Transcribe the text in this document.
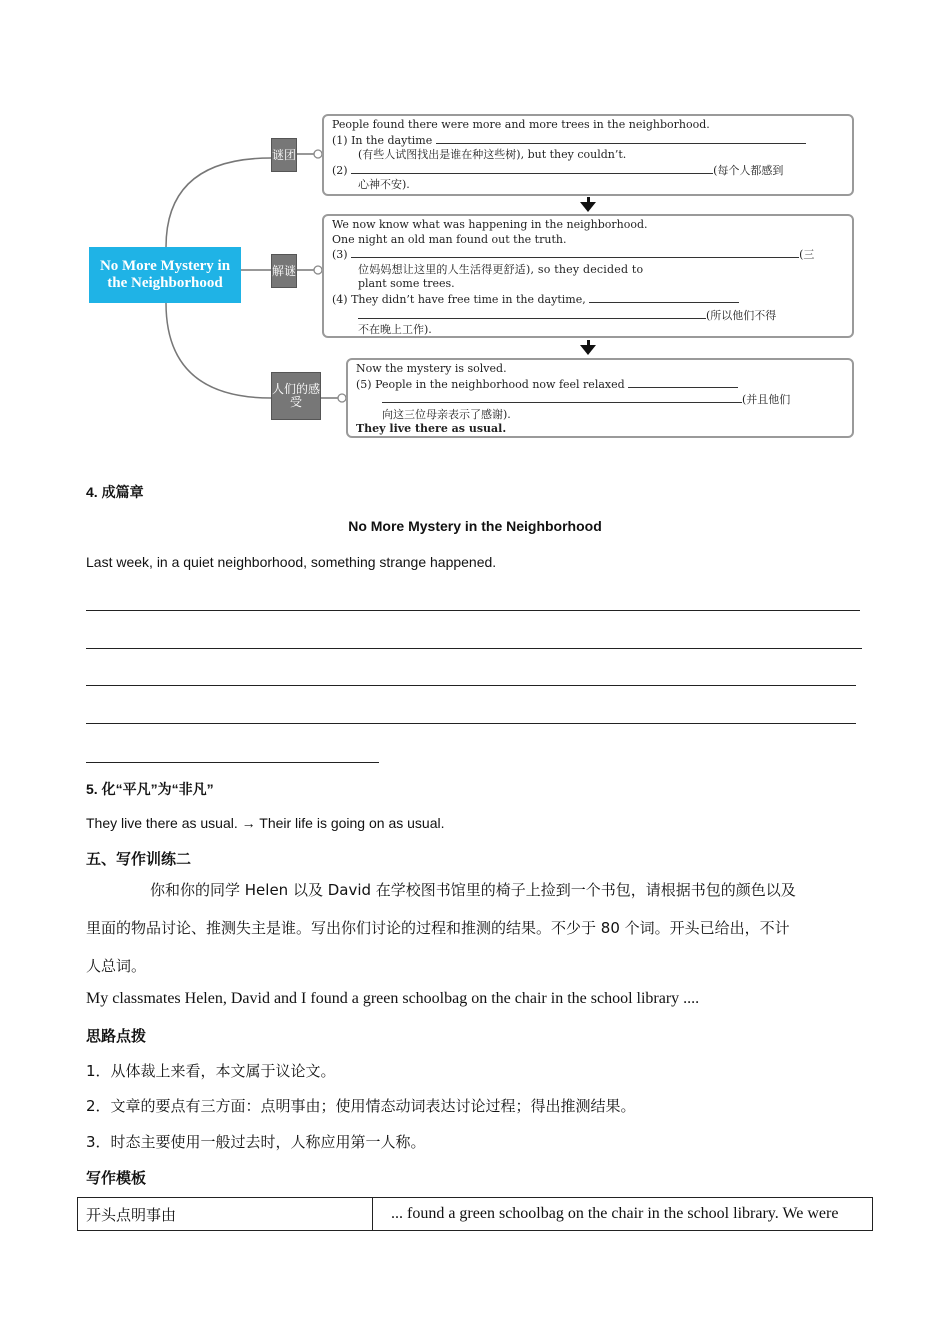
No More Mystery in the Neighborhood
谜团
解谜
人们的感受
People found there were more and more trees in the neighborhood.
(1) In the daytime
(有些人试图找出是谁在种这些树), but they couldn’t.
(2)	(每个人都感到
心神不安).
We now know what was happening in the neighborhood.
One night an old man found out the truth.
(3)	(三
位妈妈想让这里的人生活得更舒适), so they decided to
plant some trees.
(4) They didn’t have free time in the daytime,
(所以他们不得
不在晚上工作).
Now the mystery is solved.
(5) People in the neighborhood now feel relaxed
(并且他们
向这三位母亲表示了感谢).
They live there as usual.
4. 成篇章
No More Mystery in the Neighborhood
Last week, in a quiet neighborhood, something strange happened.
5. 化“平凡”为“非凡”
They live there as usual. → Their life is going on as usual.
五、写作训练二
你和你的同学 Helen 以及 David 在学校图书馆里的椅子上捡到一个书包，请根据书包的颜色以及
里面的物品讨论、推测失主是谁。写出你们讨论的过程和推测的结果。不少于 80 个词。开头已给出，不计
人总词。
My classmates Helen, David and I found a green schoolbag on the chair in the school library ....
思路点拨
1．从体裁上来看，本文属于议论文。
2．文章的要点有三方面：点明事由；使用情态动词表达讨论过程；得出推测结果。
3．时态主要使用一般过去时，人称应用第一人称。
写作模板
开头点明事由	... found a green schoolbag on the chair in the school library. We were
